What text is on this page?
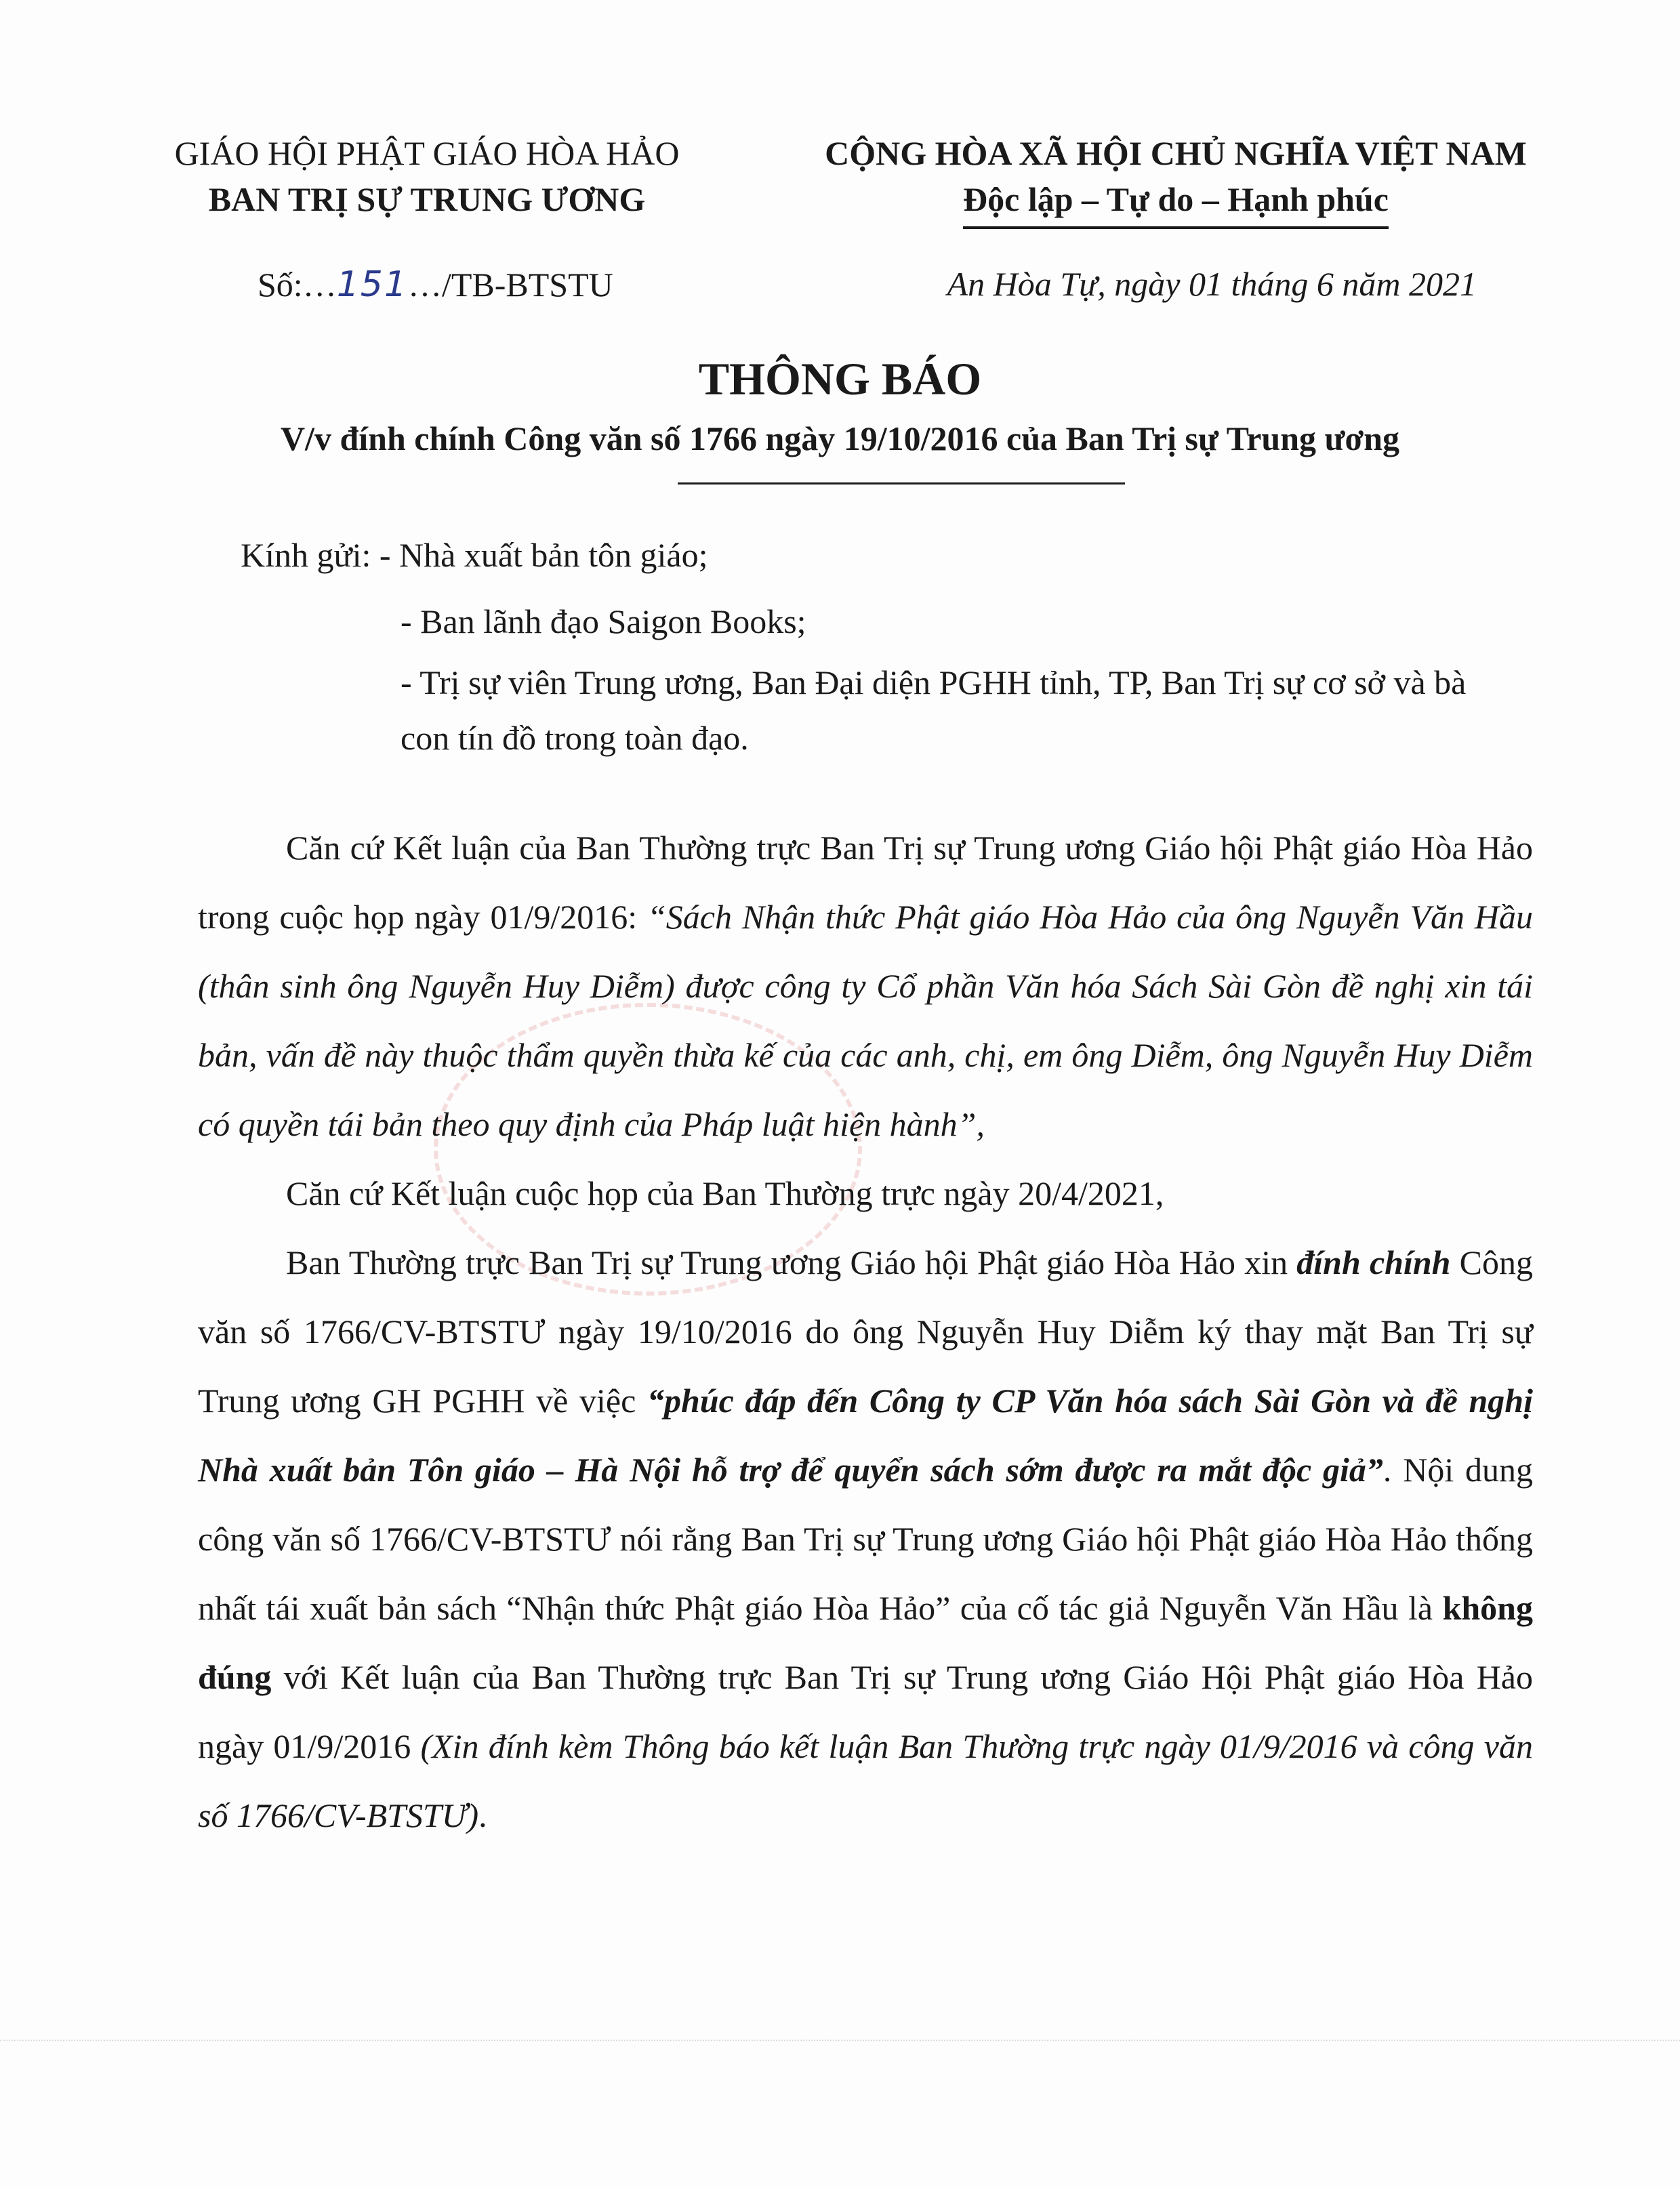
GIÁO HỘI PHẬT GIÁO HÒA HẢO
BAN TRỊ SỰ TRUNG ƯƠNG
CỘNG HÒA XÃ HỘI CHỦ NGHĨA VIỆT NAM
Độc lập – Tự do – Hạnh phúc
Số:…151…/TB-BTSTU	An Hòa Tự, ngày 01 tháng 6 năm 2021
THÔNG BÁO
V/v đính chính Công văn số 1766 ngày 19/10/2016 của Ban Trị sự Trung ương
Kính gửi: - Nhà xuất bản tôn giáo;
- Ban lãnh đạo Saigon Books;
- Trị sự viên Trung ương, Ban Đại diện PGHH tỉnh, TP, Ban Trị sự cơ sở và bà con tín đồ trong toàn đạo.

Căn cứ Kết luận của Ban Thường trực Ban Trị sự Trung ương Giáo hội Phật giáo Hòa Hảo trong cuộc họp ngày 01/9/2016: “Sách Nhận thức Phật giáo Hòa Hảo của ông Nguyễn Văn Hầu (thân sinh ông Nguyễn Huy Diễm) được công ty Cổ phần Văn hóa Sách Sài Gòn đề nghị xin tái bản, vấn đề này thuộc thẩm quyền thừa kế của các anh, chị, em ông Diễm, ông Nguyễn Huy Diễm có quyền tái bản theo quy định của Pháp luật hiện hành”,

Căn cứ Kết luận cuộc họp của Ban Thường trực ngày 20/4/2021,

Ban Thường trực Ban Trị sự Trung ương Giáo hội Phật giáo Hòa Hảo xin đính chính Công văn số 1766/CV-BTSTƯ ngày 19/10/2016 do ông Nguyễn Huy Diễm ký thay mặt Ban Trị sự Trung ương GH PGHH về việc “phúc đáp đến Công ty CP Văn hóa sách Sài Gòn và đề nghị Nhà xuất bản Tôn giáo – Hà Nội hỗ trợ để quyển sách sớm được ra mắt độc giả”. Nội dung công văn số 1766/CV-BTSTƯ nói rằng Ban Trị sự Trung ương Giáo hội Phật giáo Hòa Hảo thống nhất tái xuất bản sách “Nhận thức Phật giáo Hòa Hảo” của cố tác giả Nguyễn Văn Hầu là không đúng với Kết luận của Ban Thường trực Ban Trị sự Trung ương Giáo Hội Phật giáo Hòa Hảo ngày 01/9/2016 (Xin đính kèm Thông báo kết luận Ban Thường trực ngày 01/9/2016 và công văn số 1766/CV-BTSTƯ).
